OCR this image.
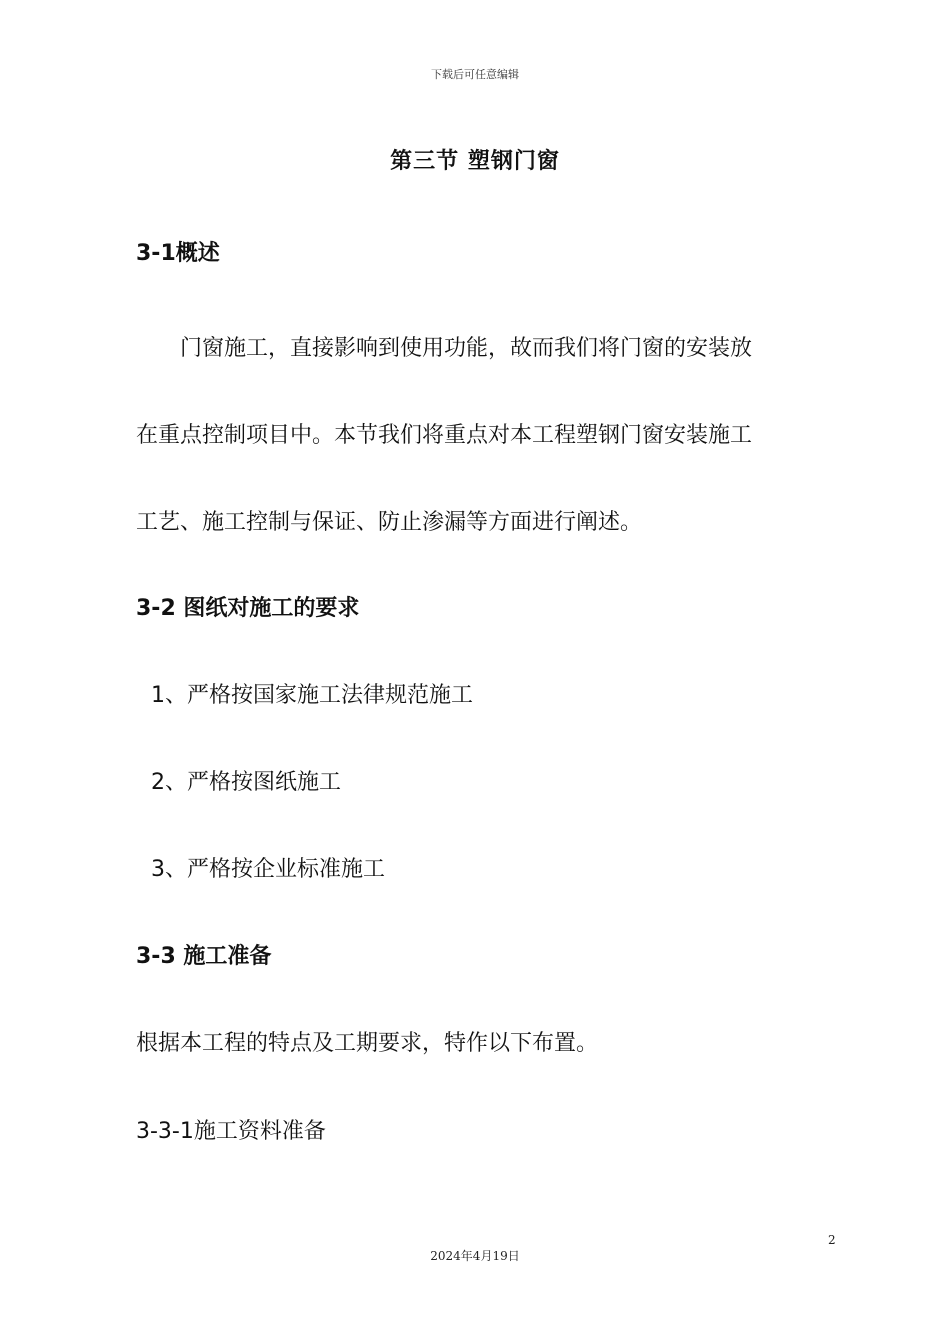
下载后可任意编辑
第三节 塑钢门窗
3-1概述
门窗施工，直接影响到使用功能，故而我们将门窗的安装放
在重点控制项目中。本节我们将重点对本工程塑钢门窗安装施工
工艺、施工控制与保证、防止渗漏等方面进行阐述。
3-2 图纸对施工的要求
1、严格按国家施工法律规范施工
2、严格按图纸施工
3、严格按企业标准施工
3-3 施工准备
根据本工程的特点及工期要求，特作以下布置。
3-3-1施工资料准备
2
2024年4月19日
